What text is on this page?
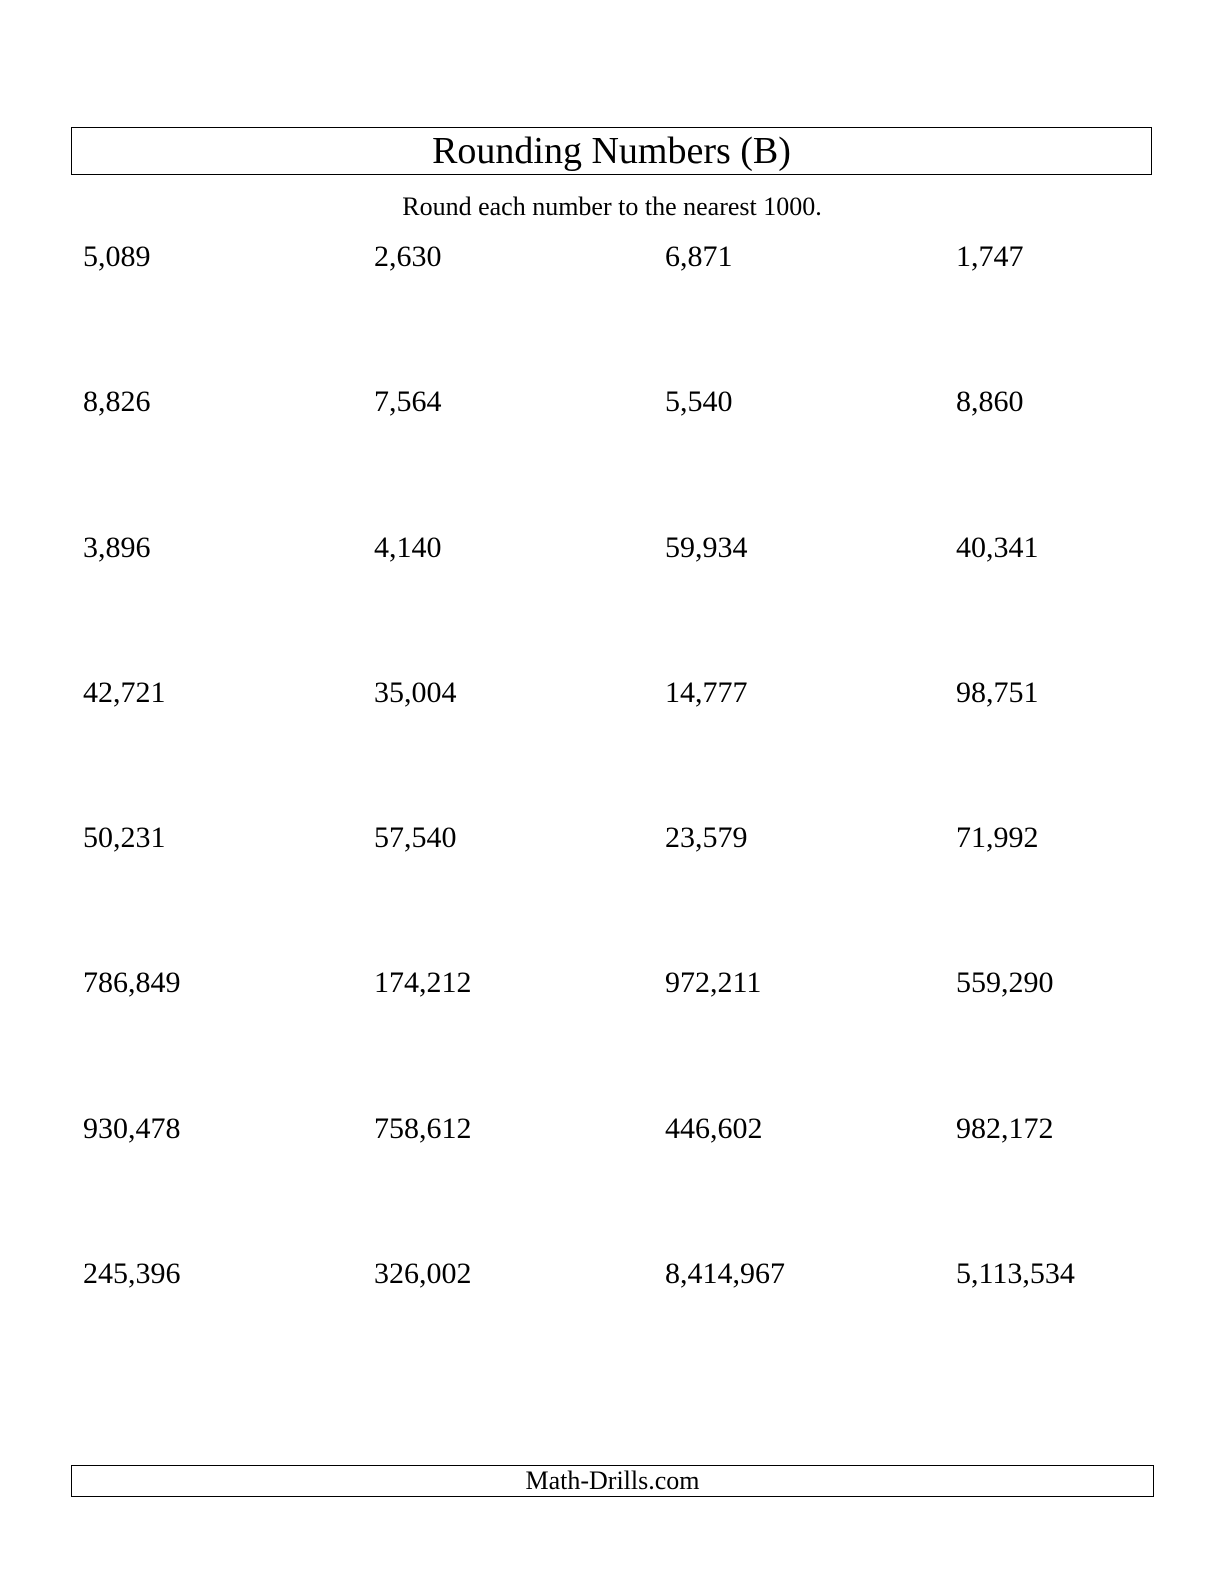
Rounding Numbers (B)
Round each number to the nearest 1000.
5,089	2,630	6,871	1,747
8,826	7,564	5,540	8,860
3,896	4,140	59,934	40,341
42,721	35,004	14,777	98,751
50,231	57,540	23,579	71,992
786,849	174,212	972,211	559,290
930,478	758,612	446,602	982,172
245,396	326,002	8,414,967	5,113,534
Math-Drills.com
